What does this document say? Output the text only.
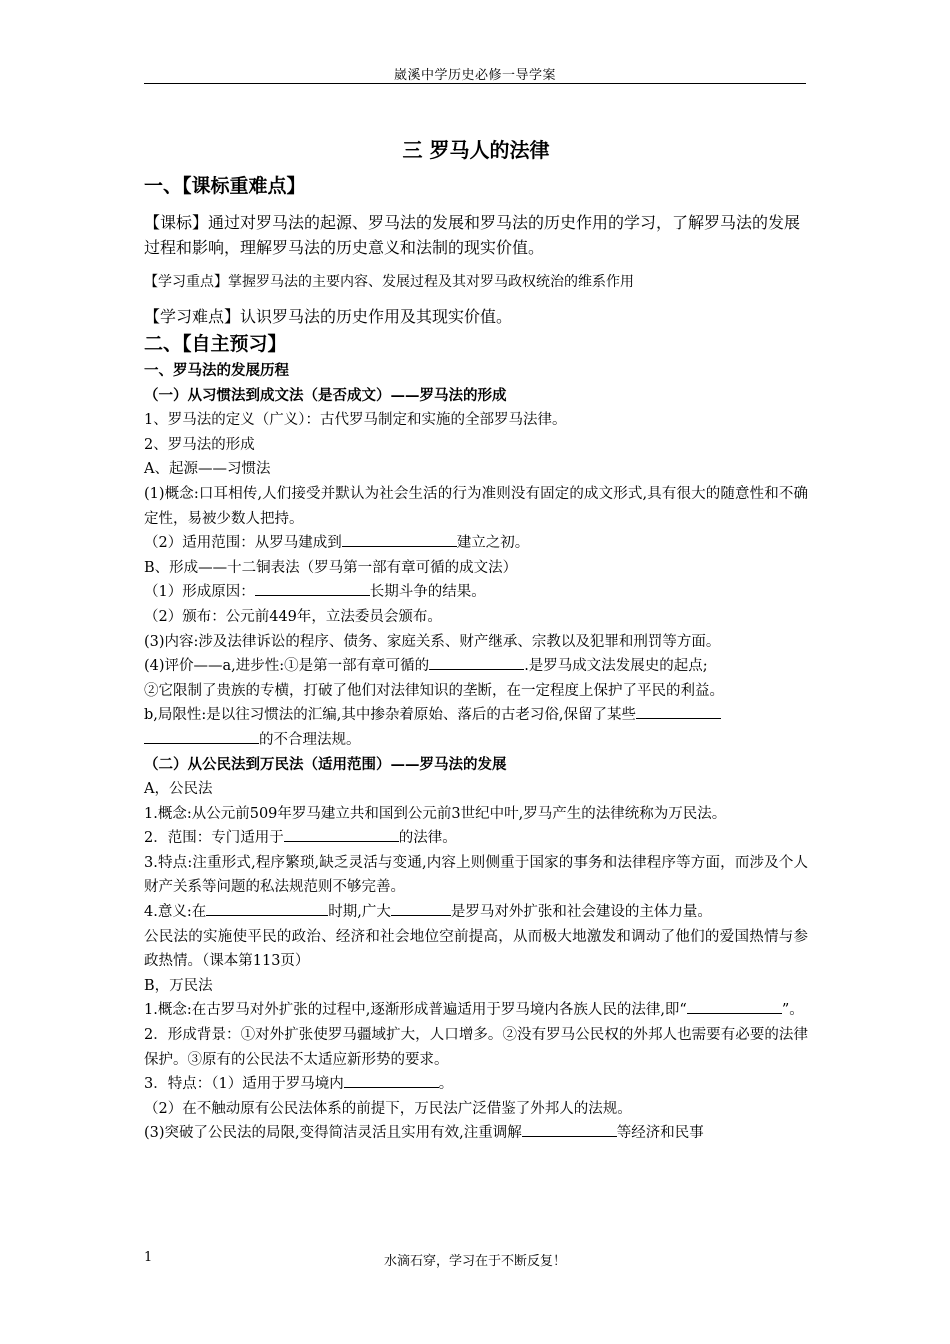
崴溪中学历史必修一导学案
三 罗马人的法律
一、【课标重难点】

【课标】通过对罗马法的起源、罗马法的发展和罗马法的历史作用的学习，了解罗马法的发展过程和影响，理解罗马法的历史意义和法制的现实价值。

【学习重点】掌握罗马法的主要内容、发展过程及其对罗马政权统治的维系作用

【学习难点】认识罗马法的历史作用及其现实价值。

二、【自主预习】

一、罗马法的发展历程

（一）从习惯法到成文法（是否成文）——罗马法的形成

1、罗马法的定义（广义）：古代罗马制定和实施的全部罗马法律。

2、罗马法的形成

A、起源——习惯法

(1)概念:口耳相传,人们接受并默认为社会生活的行为准则没有固定的成文形式,具有很大的随意性和不确定性，易被少数人把持。

（2）适用范围：从罗马建成到	建立之初。

B、形成——十二铜表法（罗马第一部有章可循的成文法）

（1）形成原因：	长期斗争的结果。

（2）颁布：公元前449年，立法委员会颁布。

(3)内容:涉及法律诉讼的程序、债务、家庭关系、财产继承、宗教以及犯罪和刑罚等方面。

(4)评价——a,进步性:①是第一部有章可循的	.是罗马成文法发展史的起点;

②它限制了贵族的专横，打破了他们对法律知识的垄断，在一定程度上保护了平民的利益。

b,局限性:是以往习惯法的汇编,其中掺杂着原始、落后的古老习俗,保留了某些

的不合理法规。

（二）从公民法到万民法（适用范围）——罗马法的发展

A，公民法

1.概念:从公元前509年罗马建立共和国到公元前3世纪中叶,罗马产生的法律统称为万民法。

2．范围：专门适用于	的法律。

3.特点:注重形式,程序繁琐,缺乏灵活与变通,内容上则侧重于国家的事务和法律程序等方面，而涉及个人财产关系等问题的私法规范则不够完善。

4.意义:在	时期,广大	是罗马对外扩张和社会建设的主体力量。

公民法的实施使平民的政治、经济和社会地位空前提高，从而极大地激发和调动了他们的爱国热情与参政热情。（课本第113页）

B，万民法

1.概念:在古罗马对外扩张的过程中,逐渐形成普遍适用于罗马境内各族人民的法律,即“	”。

2．形成背景：①对外扩张使罗马疆域扩大，人口增多。②没有罗马公民权的外邦人也需要有必要的法律保护。③原有的公民法不太适应新形势的要求。

3．特点：（1）适用于罗马境内	。

（2）在不触动原有公民法体系的前提下，万民法广泛借鉴了外邦人的法规。

(3)突破了公民法的局限,变得简洁灵活且实用有效,注重调解	等经济和民事

水滴石穿，学习在于不断反复！
1
